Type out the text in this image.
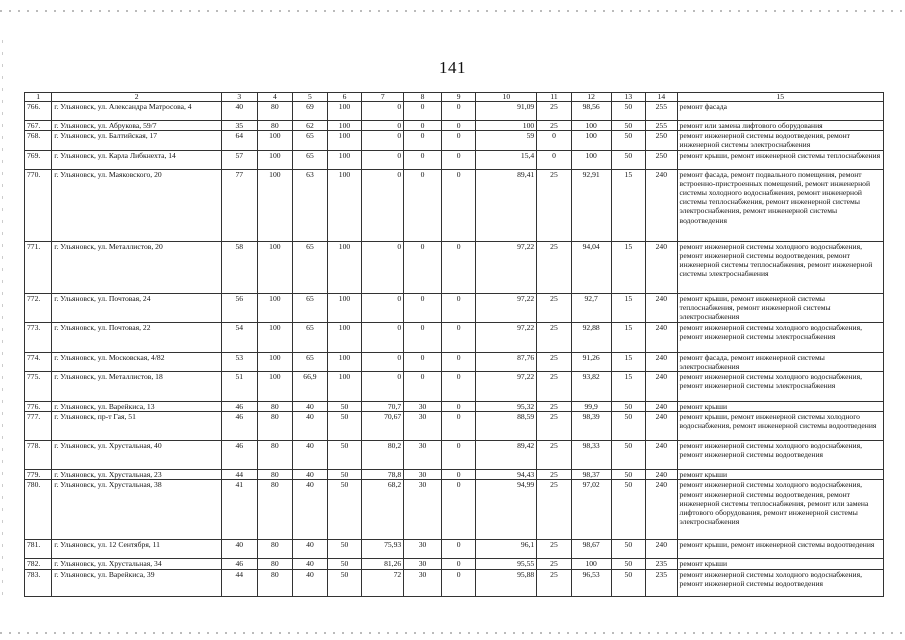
141
1	2	3	4	5	6	7	8	9	10	11	12	13	14	15
766.	г. Ульяновск, ул. Александра Матросова, 4	40	80	69	100	0	0	0	91,09	25	98,56	50	255	ремонт фасада
767.	г. Ульяновск, ул. Абрукова, 59/7	35	80	62	100	0	0	0	100	25	100	50	255	ремонт или замена лифтового оборудования
768.	г. Ульяновск, ул. Балтийская, 17	64	100	65	100	0	0	0	59	0	100	50	250	ремонт инженерной системы водоотведения, ремонт инженерной системы электроснабжения
769.	г. Ульяновск, ул. Карла Либкнехта, 14	57	100	65	100	0	0	0	15,4	0	100	50	250	ремонт крыши, ремонт инженерной системы теплоснабжения
770.	г. Ульяновск, ул. Маяковского, 20	77	100	63	100	0	0	0	89,41	25	92,91	15	240	ремонт фасада, ремонт подвального помещения, ремонт встроенно-пристроенных помещений, ремонт инженерной системы холодного водоснабжения, ремонт инженерной системы теплоснабжения, ремонт инженерной системы электроснабжения, ремонт инженерной системы водоотведения
771.	г. Ульяновск, ул. Металлистов, 20	58	100	65	100	0	0	0	97,22	25	94,04	15	240	ремонт инженерной системы холодного водоснабжения, ремонт инженерной системы водоотведения, ремонт инженерной системы теплоснабжения, ремонт инженерной системы электроснабжения
772.	г. Ульяновск, ул. Почтовая, 24	56	100	65	100	0	0	0	97,22	25	92,7	15	240	ремонт крыши, ремонт инженерной системы теплоснабжения, ремонт инженерной системы электроснабжения
773.	г. Ульяновск, ул. Почтовая, 22	54	100	65	100	0	0	0	97,22	25	92,88	15	240	ремонт инженерной системы холодного водоснабжения, ремонт инженерной системы электроснабжения
774.	г. Ульяновск, ул. Московская, 4/82	53	100	65	100	0	0	0	87,76	25	91,26	15	240	ремонт фасада, ремонт инженерной системы электроснабжения
775.	г. Ульяновск, ул. Металлистов, 18	51	100	66,9	100	0	0	0	97,22	25	93,82	15	240	ремонт инженерной системы холодного водоснабжения, ремонт инженерной системы электроснабжения
776.	г. Ульяновск, ул. Варейкиса, 13	46	80	40	50	70,7	30	0	95,32	25	99,9	50	240	ремонт крыши
777.	г. Ульяновск, пр-т Гая, 51	46	80	40	50	70,67	30	0	88,59	25	98,39	50	240	ремонт крыши, ремонт инженерной системы холодного водоснабжения, ремонт инженерной системы водоотведения
778.	г. Ульяновск, ул. Хрустальная, 40	46	80	40	50	80,2	30	0	89,42	25	98,33	50	240	ремонт инженерной системы холодного водоснабжения, ремонт инженерной системы водоотведения
779.	г. Ульяновск, ул. Хрустальная, 23	44	80	40	50	78,8	30	0	94,43	25	98,37	50	240	ремонт крыши
780.	г. Ульяновск, ул. Хрустальная, 38	41	80	40	50	68,2	30	0	94,99	25	97,02	50	240	ремонт инженерной системы холодного водоснабжения, ремонт инженерной системы водоотведения, ремонт инженерной системы теплоснабжения, ремонт или замена лифтового оборудования, ремонт инженерной системы электроснабжения
781.	г. Ульяновск, ул. 12 Сентября, 11	40	80	40	50	75,93	30	0	96,1	25	98,67	50	240	ремонт крыши, ремонт инженерной системы водоотведения
782.	г. Ульяновск, ул. Хрустальная, 34	46	80	40	50	81,26	30	0	95,55	25	100	50	235	ремонт крыши
783.	г. Ульяновск, ул. Варейкиса, 39	44	80	40	50	72	30	0	95,88	25	96,53	50	235	ремонт инженерной системы холодного водоснабжения, ремонт инженерной системы водоотведения
